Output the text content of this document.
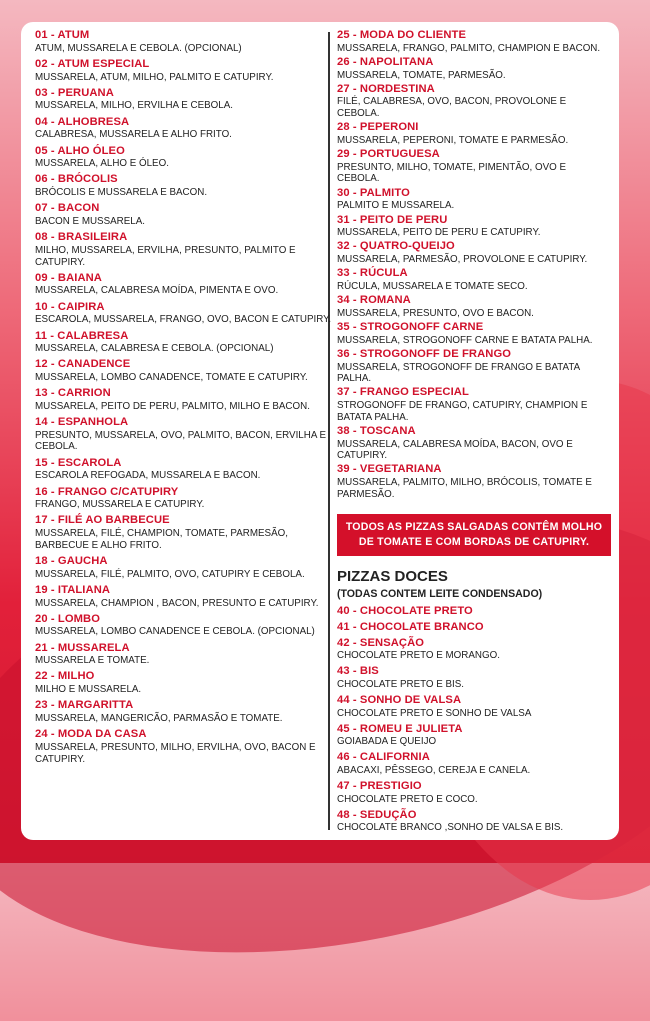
01 - ATUM
ATUM, MUSSARELA E CEBOLA. (OPCIONAL)
02 - ATUM ESPECIAL
MUSSARELA, ATUM, MILHO, PALMITO E CATUPIRY.
03 - PERUANA
MUSSARELA, MILHO, ERVILHA E CEBOLA.
04 - ALHOBRESA
CALABRESA, MUSSARELA E ALHO FRITO.
05 - ALHO ÓLEO
MUSSARELA, ALHO E ÓLEO.
06 - BRÓCOLIS
BRÓCOLIS E MUSSARELA E BACON.
07 - BACON
BACON E MUSSARELA.
08 - BRASILEIRA
MILHO, MUSSARELA, ERVILHA, PRESUNTO, PALMITO E CATUPIRY.
09 - BAIANA
MUSSARELA, CALABRESA MOÍDA, PIMENTA E OVO.
10 - CAIPIRA
ESCAROLA, MUSSARELA, FRANGO, OVO, BACON E CATUPIRY.
11 - CALABRESA
MUSSARELA, CALABRESA E CEBOLA. (OPCIONAL)
12 - CANADENCE
MUSSARELA, LOMBO CANADENCE, TOMATE E CATUPIRY.
13 - CARRION
MUSSARELA, PEITO DE PERU, PALMITO, MILHO E BACON.
14 - ESPANHOLA
PRESUNTO, MUSSARELA, OVO, PALMITO, BACON, ERVILHA E CEBOLA.
15 - ESCAROLA
ESCAROLA REFOGADA, MUSSARELA E BACON.
16 - FRANGO C/CATUPIRY
FRANGO, MUSSARELA E CATUPIRY.
17 - FILÉ AO BARBECUE
MUSSARELA, FILÉ, CHAMPION, TOMATE, PARMESÃO, BARBECUE E ALHO FRITO.
18 - GAUCHA
MUSSARELA, FILÉ, PALMITO, OVO, CATUPIRY E CEBOLA.
19 - ITALIANA
MUSSARELA, CHAMPION , BACON, PRESUNTO E CATUPIRY.
20 - LOMBO
MUSSARELA, LOMBO CANADENCE E CEBOLA. (OPCIONAL)
21 - MUSSARELA
MUSSARELA E TOMATE.
22 - MILHO
MILHO E MUSSARELA.
23 - MARGARITTA
MUSSARELA, MANGERICÃO, PARMASÃO E TOMATE.
24 - MODA DA CASA
MUSSARELA, PRESUNTO, MILHO, ERVILHA, OVO, BACON E CATUPIRY.
25 - MODA DO CLIENTE
MUSSARELA, FRANGO, PALMITO, CHAMPION E BACON.
26 - NAPOLITANA
MUSSARELA, TOMATE, PARMESÃO.
27 - NORDESTINA
FILÉ, CALABRESA, OVO, BACON, PROVOLONE E CEBOLA.
28 - PEPERONI
MUSSARELA, PEPERONI, TOMATE E PARMESÃO.
29 - PORTUGUESA
PRESUNTO, MILHO, TOMATE, PIMENTÃO, OVO E CEBOLA.
30 - PALMITO
PALMITO E MUSSARELA.
31 - PEITO DE PERU
MUSSARELA, PEITO DE PERU E CATUPIRY.
32 - QUATRO-QUEIJO
MUSSARELA, PARMESÃO, PROVOLONE E CATUPIRY.
33 - RÚCULA
RÚCULA, MUSSARELA E TOMATE SECO.
34 - ROMANA
MUSSARELA, PRESUNTO, OVO E BACON.
35 - STROGONOFF CARNE
MUSSARELA, STROGONOFF CARNE E BATATA PALHA.
36 - STROGONOFF DE FRANGO
MUSSARELA, STROGONOFF DE FRANGO E BATATA PALHA.
37 - FRANGO ESPECIAL
STROGONOFF DE FRANGO, CATUPIRY, CHAMPION E BATATA PALHA.
38 - TOSCANA
MUSSARELA, CALABRESA MOÍDA, BACON, OVO E CATUPIRY.
39 - VEGETARIANA
MUSSARELA, PALMITO, MILHO, BRÓCOLIS, TOMATE E PARMESÃO.
TODOS AS PIZZAS SALGADAS CONTÊM MOLHO DE TOMATE E COM BORDAS DE CATUPIRY.
PIZZAS DOCES
(TODAS CONTEM LEITE CONDENSADO)
40 - CHOCOLATE PRETO
41 - CHOCOLATE BRANCO
42 - SENSAÇÃO
CHOCOLATE PRETO E MORANGO.
43 - BIS
CHOCOLATE PRETO E BIS.
44 - SONHO DE VALSA
CHOCOLATE PRETO E SONHO DE VALSA
45 - ROMEU E JULIETA
GOIABADA E QUEIJO
46 - CALIFORNIA
ABACAXI, PÊSSEGO, CEREJA E CANELA.
47 - PRESTIGIO
CHOCOLATE PRETO E COCO.
48 - SEDUÇÃO
CHOCOLATE BRANCO ,SONHO DE VALSA E BIS.
